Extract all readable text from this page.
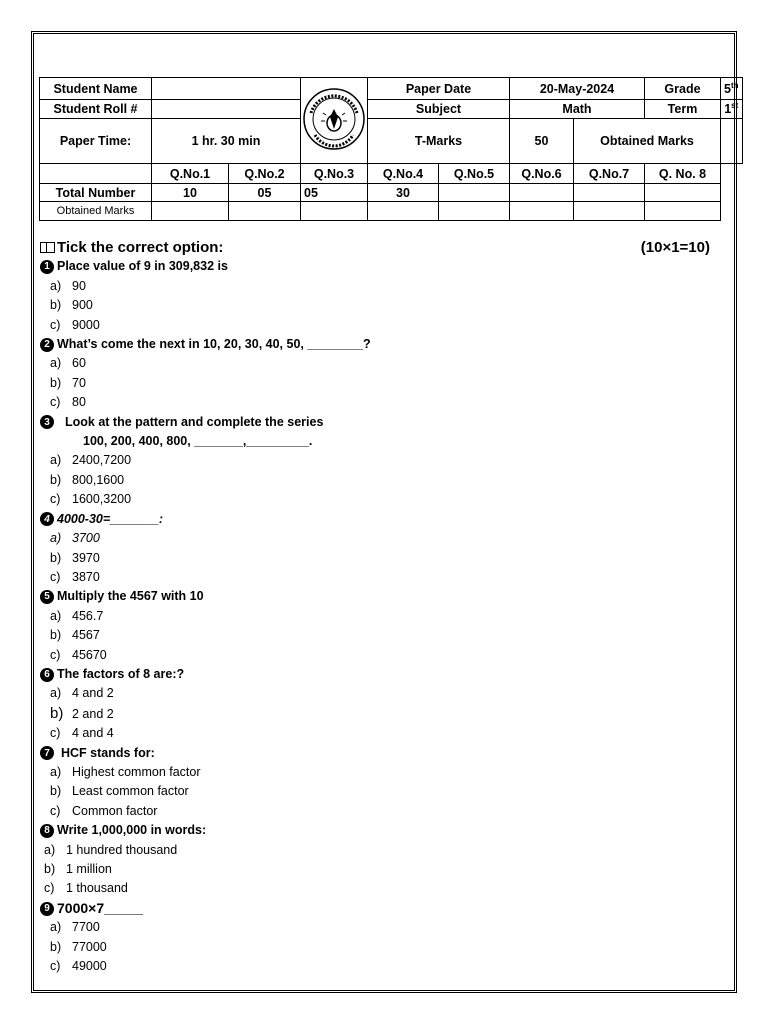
Student Name				Paper Date		20-May-2024		Grade	5th
Student Roll #				Subject		Math		Term	1st
Paper Time:	1 hr. 30 min			T-Marks		50	Obtained Marks		
	Q.No.1	Q.No.2	Q.No.3	Q.No.4	Q.No.5	Q.No.6	Q.No.7	Q. No. 8	
Total Number	10	05	05	30					
Obtained Marks									
Tick the correct option:	(10×1=10)
1 Place value of 9 in 309,832 is
a) 90
b) 900
c) 9000
2 What’s come the next in 10, 20, 30, 40, 50, ________?
a) 60
b) 70
c) 80
3	Look at the pattern and complete the series
100, 200, 400, 800, _______,_________.
a) 2400,7200
b) 800,1600
c) 1600,3200
4 4000-30=_______:
a) 3700
b) 3970
c) 3870
5 Multiply the 4567 with 10
a) 456.7
b) 4567
c) 45670
6 The factors of 8 are:?
a) 4 and 2
b) 2 and 2
c) 4 and 4
7 HCF stands for:
a) Highest common factor
b) Least common factor
c) Common factor
8 Write 1,000,000 in words:
a) 1 hundred thousand
b) 1 million
c) 1 thousand
9 7000×7_____
a) 7700
b) 77000
c) 49000
